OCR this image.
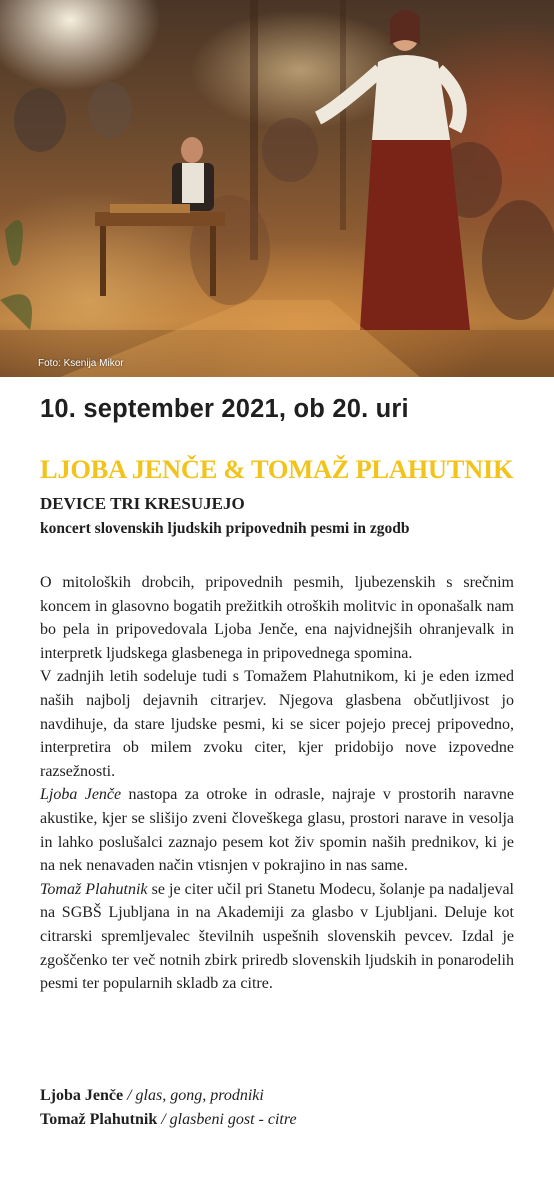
Foto: Ksenija Mikor
10. september 2021, ob 20. uri
LJOBA JENČE & TOMAŽ PLAHUTNIK
DEVICE TRI KRESUJEJO
koncert slovenskih ljudskih pripovednih pesmi in zgodb

O mitoloških drobcih, pripovednih pesmih, ljubezenskih s srečnim koncem in glasovno bogatih prežitkih otroških molitvic in oponašalk nam bo pela in pripovedovala Ljoba Jenče, ena najvidnejših ohranjevalk in interpretk ljudskega glasbenega in pripovednega spomina.

V zadnjih letih sodeluje tudi s Tomažem Plahutnikom, ki je eden izmed naših najbolj dejavnih citrarjev. Njegova glasbena občutljivost jo navdihuje, da stare ljudske pesmi, ki se sicer pojejo precej pripovedno, interpretira ob milem zvoku citer, kjer pridobijo nove izpovedne razsežnosti.

Ljoba Jenče nastopa za otroke in odrasle, najraje v prostorih naravne akustike, kjer se slišijo zveni človeškega glasu, prostori narave in vesolja in lahko poslušalci zaznajo pesem kot živ spomin naših prednikov, ki je na nek nenavaden način vtisnjen v pokrajino in nas same.

Tomaž Plahutnik se je citer učil pri Stanetu Modecu, šolanje pa nadaljeval na SGBŠ Ljubljana in na Akademiji za glasbo v Ljubljani. Deluje kot citrarski spremljevalec številnih uspešnih slovenskih pevcev. Izdal je zgoščenko ter več notnih zbirk priredb slovenskih ljudskih in ponarodelih pesmi ter popularnih skladb za citre.

Ljoba Jenče / glas, gong, prodniki
Tomaž Plahutnik / glasbeni gost - citre
